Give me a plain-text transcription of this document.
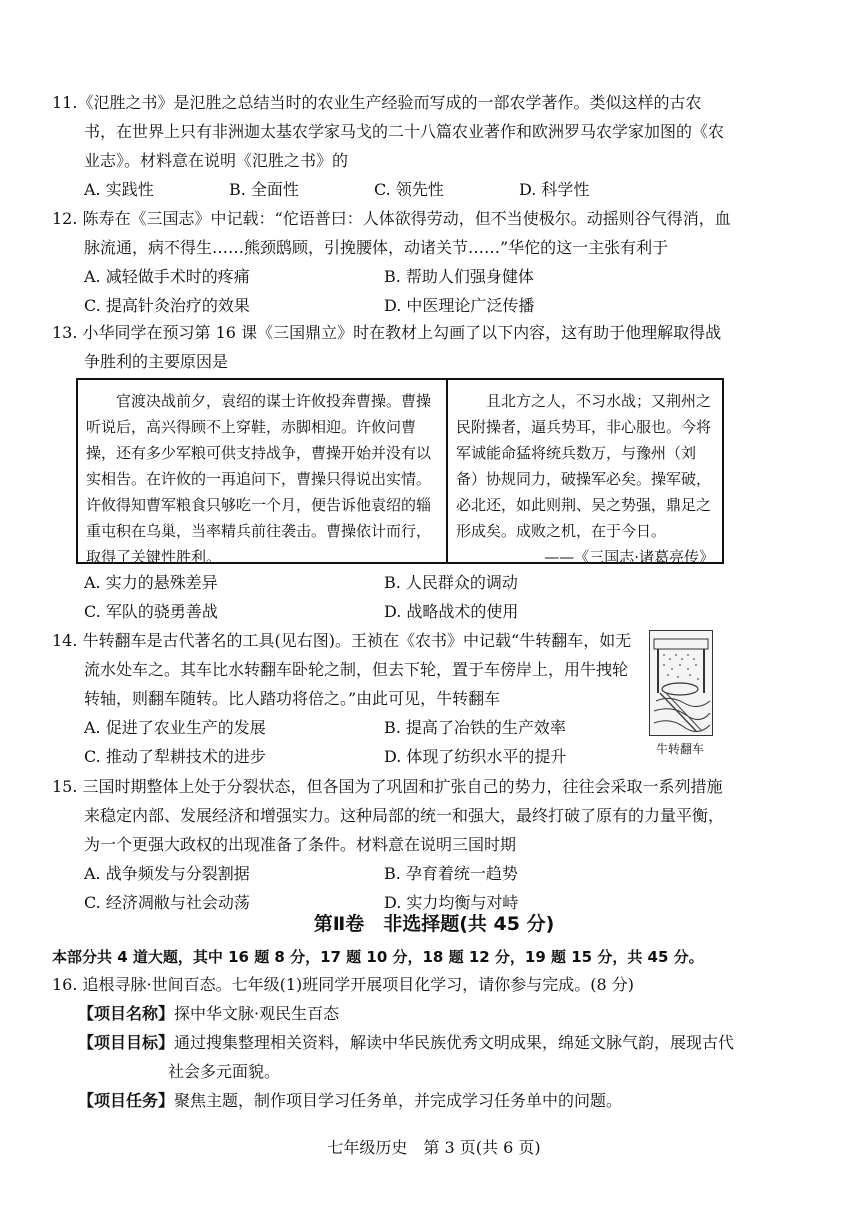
11.《氾胜之书》是氾胜之总结当时的农业生产经验而写成的一部农学著作。类似这样的古农书，在世界上只有非洲迦太基农学家马戈的二十八篇农业著作和欧洲罗马农学家加图的《农业志》。材料意在说明《氾胜之书》的

A. 实践性	B. 全面性	C. 领先性	D. 科学性

12. 陈寿在《三国志》中记载：“佗语普曰：人体欲得劳动，但不当使极尔。动摇则谷气得消，血脉流通，病不得生……熊颈鸱顾，引挽腰体，动诸关节……”华佗的这一主张有利于

A. 减轻做手术时的疼痛	B. 帮助人们强身健体
C. 提高针灸治疗的效果	D. 中医理论广泛传播

13. 小华同学在预习第 16 课《三国鼎立》时在教材上勾画了以下内容，这有助于他理解取得战争胜利的主要原因是

官渡决战前夕，袁绍的谋士许攸投奔曹操。曹操听说后，高兴得顾不上穿鞋，赤脚相迎。许攸问曹操，还有多少军粮可供支持战争，曹操开始并没有以实相告。在许攸的一再追问下，曹操只得说出实情。许攸得知曹军粮食只够吃一个月，便告诉他袁绍的辎重屯积在乌巢，当率精兵前往袭击。曹操依计而行，取得了关键性胜利。
且北方之人，不习水战；又荆州之民附操者，逼兵势耳，非心服也。今将军诚能命猛将统兵数万，与豫州（刘备）协规同力，破操军必矣。操军破，必北还，如此则荆、吴之势强，鼎足之形成矣。成败之机，在于今日。
——《三国志·诸葛亮传》
A. 实力的悬殊差异	B. 人民群众的调动
C. 军队的骁勇善战	D. 战略战术的使用

14. 牛转翻车是古代著名的工具(见右图)。王祯在《农书》中记载“牛转翻车，如无流水处车之。其车比水转翻车卧轮之制，但去下轮，置于车傍岸上，用牛拽轮转轴，则翻车随转。比人踏功将倍之。”由此可见，牛转翻车

A. 促进了农业生产的发展	B. 提高了冶铁的生产效率
C. 推动了犁耕技术的进步	D. 体现了纺织水平的提升	牛转翻车

15. 三国时期整体上处于分裂状态，但各国为了巩固和扩张自己的势力，往往会采取一系列措施来稳定内部、发展经济和增强实力。这种局部的统一和强大，最终打破了原有的力量平衡，为一个更强大政权的出现准备了条件。材料意在说明三国时期

A. 战争频发与分裂割据	B. 孕育着统一趋势
C. 经济凋敝与社会动荡	D. 实力均衡与对峙
第Ⅱ卷　非选择题(共 45 分)
本部分共 4 道大题，其中 16 题 8 分，17 题 10 分，18 题 12 分，19 题 15 分，共 45 分。

16. 追根寻脉·世间百态。七年级(1)班同学开展项目化学习，请你参与完成。(8 分)

【项目名称】探中华文脉·观民生百态
【项目目标】通过搜集整理相关资料，解读中华民族优秀文明成果，绵延文脉气韵，展现古代社会多元面貌。
【项目任务】聚焦主题，制作项目学习任务单，并完成学习任务单中的问题。
七年级历史　第 3 页(共 6 页)
